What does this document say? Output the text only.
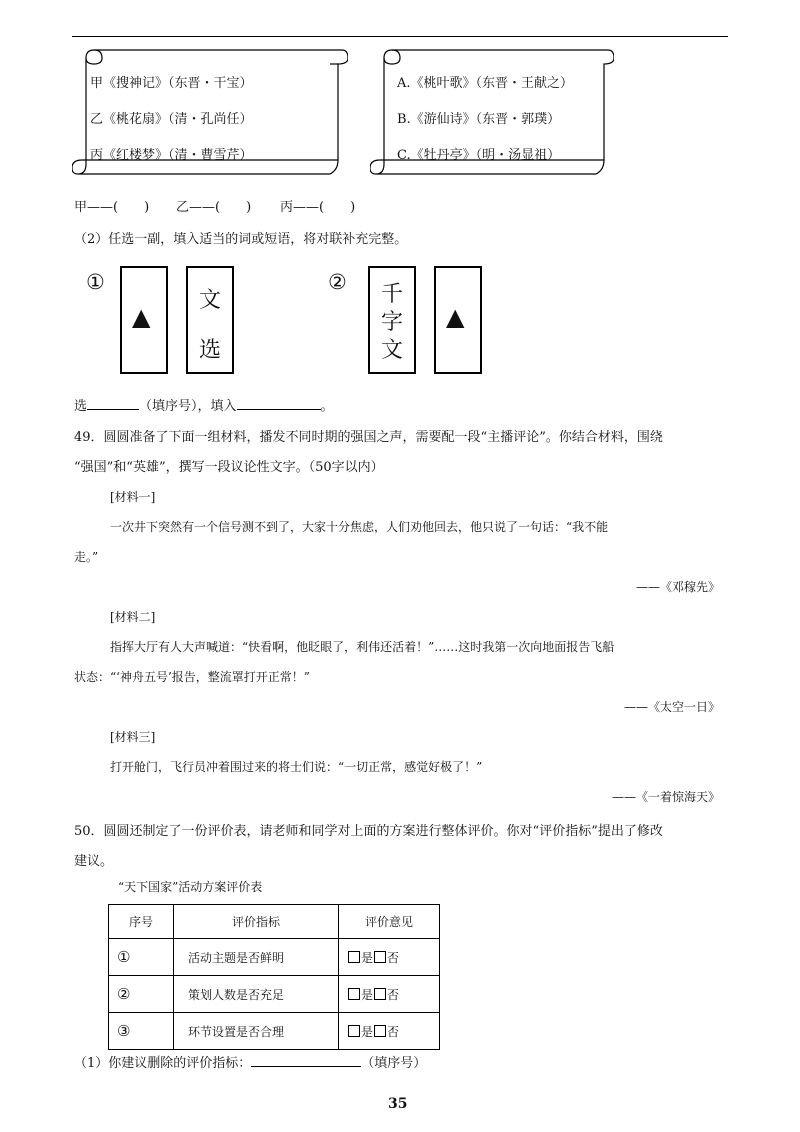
甲《搜神记》（东晋・干宝）
乙《桃花扇》（清・孔尚任）
丙《红楼梦》（清・曹雪芹）
A.《桃叶歌》（东晋・王献之）
B.《游仙诗》（东晋・郭璞）
C.《牡丹亭》（明・汤显祖）
甲——(　　) 乙——(　　) 丙——(　　)
（2）任选一副，填入适当的词或短语，将对联补充完整。
①
▲
文
选
② 千
字
文
▲
选	（填序号），填入	。
49．圆圆准备了下面一组材料，播发不同时期的强国之声，需要配一段“主播评论”。你结合材料，围绕
“强国”和“英雄”，撰写一段议论性文字。（50字以内）
[材料一]
一次井下突然有一个信号测不到了，大家十分焦虑，人们劝他回去，他只说了一句话：“我不能
走。”
——《邓稼先》
[材料二]
指挥大厅有人大声喊道：“快看啊，他眨眼了，利伟还活着！”……这时我第一次向地面报告飞船
状态：“‘神舟五号’报告，整流罩打开正常！”
——《太空一日》
[材料三]
打开舱门，飞行员冲着围过来的将士们说：“一切正常，感觉好极了！”
——《一着惊海天》
50．圆圆还制定了一份评价表，请老师和同学对上面的方案进行整体评价。你对“评价指标”提出了修改
建议。
“天下国家”活动方案评价表
序号	评价指标	评价意见
①	活动主题是否鲜明	是 否
②	策划人数是否充足	是 否
③	环节设置是否合理	是 否
（1）你建议删除的评价指标：	（填序号）
35
